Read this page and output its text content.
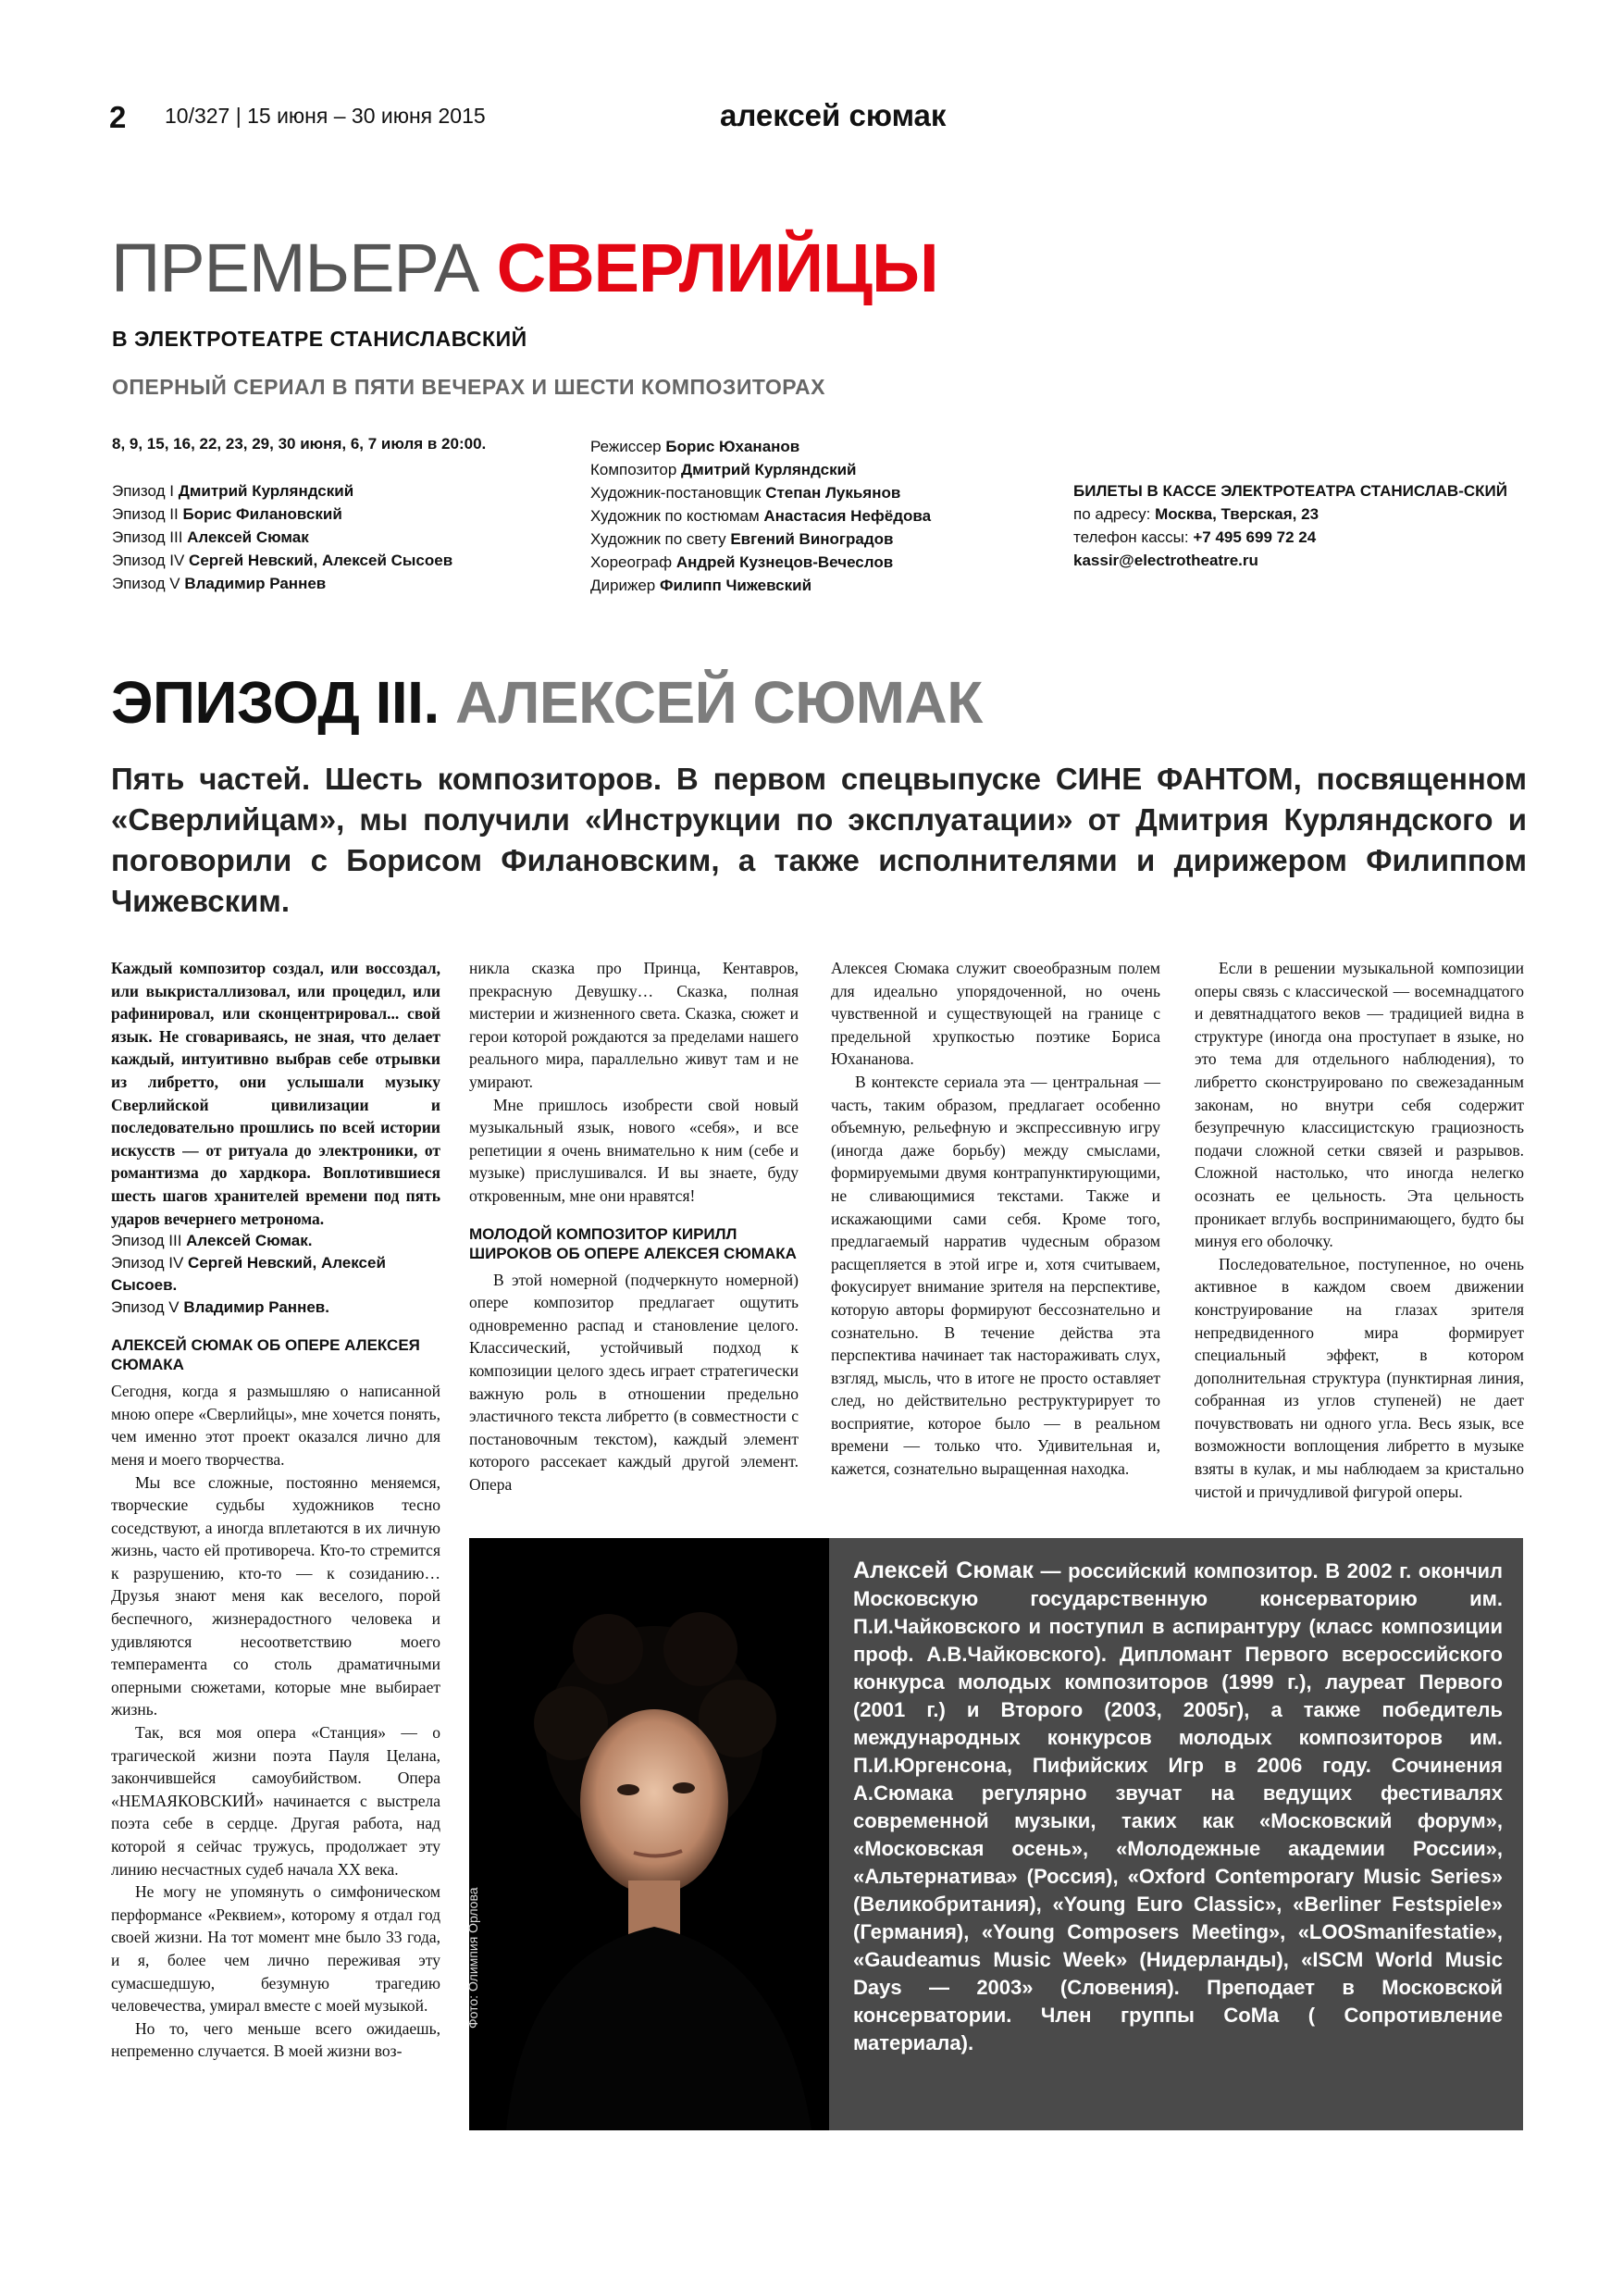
2 10/327 | 15 июня – 30 июня 2015	алексей сюмак
ПРЕМЬЕРА СВЕРЛИЙЦЫ
В ЭЛЕКТРОТЕАТРЕ СТАНИСЛАВСКИЙ
ОПЕРНЫЙ СЕРИАЛ В ПЯТИ ВЕЧЕРАХ И ШЕСТИ КОМПОЗИТОРАХ
8, 9, 15, 16, 22, 23, 29, 30 июня, 6, 7 июля в 20:00.
Эпизод I Дмитрий Курляндский
Эпизод II Борис Филановский
Эпизод III Алексей Сюмак
Эпизод IV Сергей Невский, Алексей Сысоев
Эпизод V Владимир Раннев
Режиссер Борис Юхананов
Композитор Дмитрий Курляндский
Художник-постановщик Степан Лукьянов
Художник по костюмам Анастасия Нефёдова
Художник по свету Евгений Виноградов
Хореограф Андрей Кузнецов-Вечеслов
Дирижер Филипп Чижевский
БИЛЕТЫ В КАССЕ ЭЛЕКТРОТЕАТРА СТАНИСЛАВ-СКИЙ
по адресу: Москва, Тверская, 23
телефон кассы: +7 495 699 72 24
kassir@electrotheatre.ru
ЭПИЗОД III. АЛЕКСЕЙ СЮМАК
Пять частей. Шесть композиторов. В первом спецвыпуске СИНЕ ФАНТОМ, посвященном «Сверлийцам», мы получили «Инструкции по эксплуатации» от Дмитрия Курляндского и поговорили с Борисом Филановским, а также исполнителями и дирижером Филиппом Чижевским.

Каждый композитор создал, или воссоздал, или выкристаллизовал, или процедил, или рафинировал, или сконцентрировал... свой язык. Не сговариваясь, не зная, что делает каждый, интуитивно выбрав себе отрывки из либретто, они услышали музыку Сверлийской цивилизации и последовательно прошлись по всей истории искусств — от ритуала до электроники, от романтизма до хардкора. Воплотившиеся шесть шагов хранителей времени под пять ударов вечернего метронома.

Эпизод III Алексей Сюмак.
Эпизод IV Сергей Невский, Алексей Сысоев.
Эпизод V Владимир Раннев.
АЛЕКСЕЙ СЮМАК ОБ ОПЕРЕ АЛЕКСЕЯ СЮМАКА

Сегодня, когда я размышляю о написанной мною опере «Сверлийцы», мне хочется понять, чем именно этот проект оказался лично для меня и моего творчества.

Мы все сложные, постоянно меняемся, творческие судьбы художников тесно соседствуют, а иногда вплетаются в их личную жизнь, часто ей противореча. Кто-то стремится к разрушению, кто-то — к созиданию… Друзья знают меня как веселого, порой беспечного, жизнерадостного человека и удивляются несоответствию моего темперамента со столь драматичными оперными сюжетами, которые мне выбирает жизнь.

Так, вся моя опера «Станция» — о трагической жизни поэта Пауля Целана, закончившейся самоубийством. Опера «НЕМАЯКОВСКИЙ» начинается с выстрела поэта себе в сердце. Другая работа, над которой я сейчас тружусь, продолжает эту линию несчастных судеб начала XX века.

Не могу не упомянуть о симфоническом перформансе «Реквием», которому я отдал год своей жизни. На тот момент мне было 33 года, и я, более чем лично переживая эту сумасшедшую, безумную трагедию человечества, умирал вместе с моей музыкой.

Но то, чего меньше всего ожидаешь, непременно случается. В моей жизни воз-

никла сказка про Принца, Кентавров, прекрасную Девушку… Сказка, полная мистерии и жизненного света. Сказка, сюжет и герои которой рождаются за пределами нашего реального мира, параллельно живут там и не умирают.

Мне пришлось изобрести свой новый музыкальный язык, нового «себя», и все репетиции я очень внимательно к ним (себе и музыке) прислушивался. И вы знаете, буду откровенным, мне они нравятся!

МОЛОДОЙ КОМПОЗИТОР КИРИЛЛ ШИРОКОВ ОБ ОПЕРЕ АЛЕКСЕЯ СЮМАКА

В этой номерной (подчеркнуто номерной) опере композитор предлагает ощутить одновременно распад и становление целого. Классический, устойчивый подход к композиции целого здесь играет стратегически важную роль в отношении предельно эластичного текста либретто (в совместности с постановочным текстом), каждый элемент которого рассекает каждый другой элемент. Опера

Алексея Сюмака служит своеобразным полем для идеально упорядоченной, но очень чувственной и существующей на границе с предельной хрупкостью поэтике Бориса Юхананова.

В контексте сериала эта — центральная — часть, таким образом, предлагает особенно объемную, рельефную и экспрессивную игру (иногда даже борьбу) между смыслами, формируемыми двумя контрапунктирующими, не сливающимися текстами. Также и искажающими сами себя. Кроме того, предлагаемый нарратив чудесным образом расщепляется в этой игре и, хотя считываем, фокусирует внимание зрителя на перспективе, которую авторы формируют бессознательно и сознательно. В течение действа эта перспектива начинает так настораживать слух, взгляд, мысль, что в итоге не просто оставляет след, но действительно реструктурирует то восприятие, которое было — в реальном времени — только что. Удивительная и, кажется, сознательно выращенная находка.

Если в решении музыкальной композиции оперы связь с классической — восемнадцатого и девятнадцатого веков — традицией видна в структуре (иногда она проступает в языке, но это тема для отдельного наблюдения), то либретто сконструировано по свежезаданным законам, но внутри себя содержит безупречную классицистскую грациозность подачи сложной сетки связей и разрывов. Сложной настолько, что иногда нелегко осознать ее цельность. Эта цельность проникает вглубь воспринимающего, будто бы минуя его оболочку.

Последовательное, поступенное, но очень активное в каждом своем движении конструирование на глазах зрителя непредвиденного мира формирует специальный эффект, в котором дополнительная структура (пунктирная линия, собранная из углов ступеней) не дает почувствовать ни одного угла. Весь язык, все возможности воплощения либретто в музыке взяты в кулак, и мы наблюдаем за кристально чистой и причудливой фигурой оперы.

Фото: Олимпия Орлова
Алексей Сюмак — российский композитор. В 2002 г. окончил Московскую государственную консерваторию им. П.И.Чайковского и поступил в аспирантуру (класс композиции проф. А.В.Чайковского). Дипломант Первого всероссийского конкурса молодых композиторов (1999 г.), лауреат Первого (2001 г.) и Второго (2003, 2005г), а также победитель международных конкурсов молодых композиторов им. П.И.Юргенсона, Пифийских Игр в 2006 году. Сочинения А.Сюмака регулярно звучат на ведущих фестивалях современной музыки, таких как «Московский форум», «Московская осень», «Молодежные академии России», «Альтернатива» (Россия), «Oxford Contemporary Music Series» (Великобритания), «Young Euro Classic», «Berliner Festspiele» (Германия), «Young Composers Meeting», «LOOSmanifestatie», «Gaudeamus Music Week» (Нидерланды), «ISCM World Music Days — 2003» (Словения). Преподает в Московской консерватории. Член группы CoMa ( Сопротивление материала).
